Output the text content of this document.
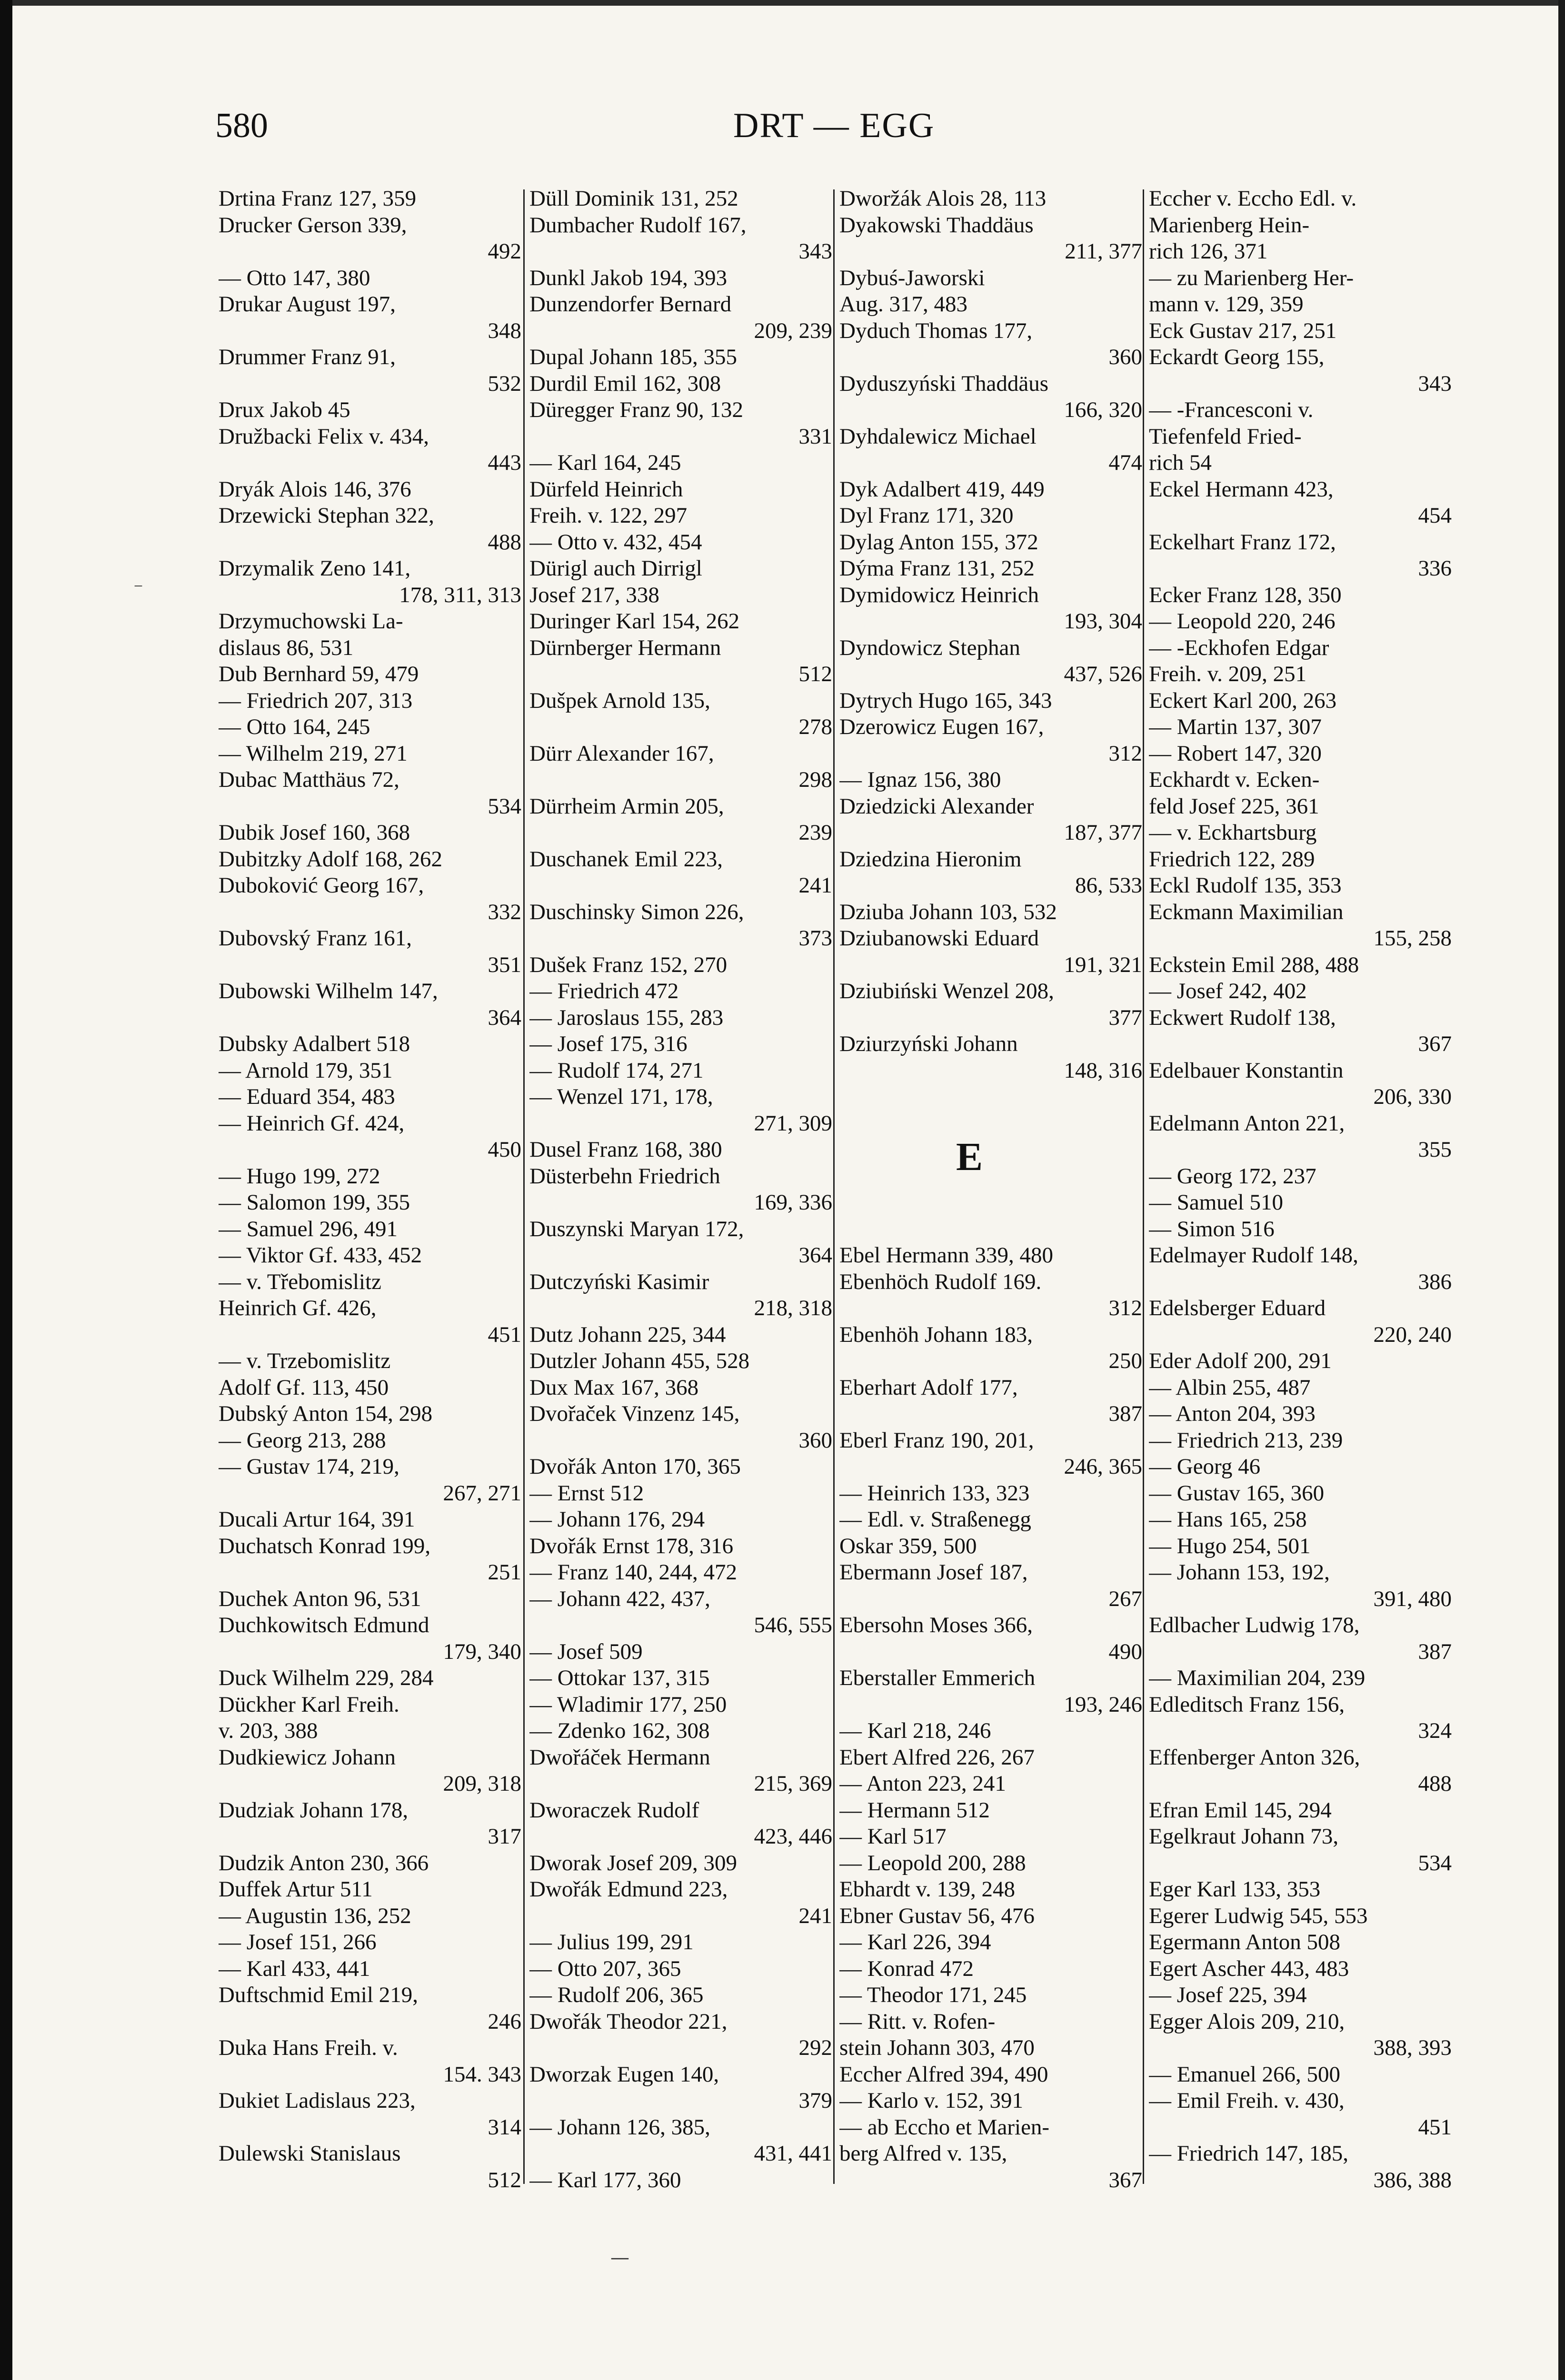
580	DRT — EGG
Drtina Franz 127, 359
Drucker Gerson 339,
492
— Otto 147, 380
Drukar August 197,
348
Drummer Franz 91,
532
Drux Jakob 45
Družbacki Felix v. 434,
443
Dryák Alois 146, 376
Drzewicki Stephan 322,
488
Drzymalik Zeno 141,
178, 311, 313
Drzymuchowski La-
dislaus 86, 531
Dub Bernhard 59, 479
— Friedrich 207, 313
— Otto 164, 245
— Wilhelm 219, 271
Dubac Matthäus 72,
534
Dubik Josef 160, 368
Dubitzky Adolf 168, 262
Duboković Georg 167,
332
Dubovský Franz 161,
351
Dubowski Wilhelm 147,
364
Dubsky Adalbert 518
— Arnold 179, 351
— Eduard 354, 483
— Heinrich Gf. 424,
450
— Hugo 199, 272
— Salomon 199, 355
— Samuel 296, 491
— Viktor Gf. 433, 452
— v. Třebomislitz
Heinrich Gf. 426,
451
— v. Trzebomislitz
Adolf Gf. 113, 450
Dubský Anton 154, 298
— Georg 213, 288
— Gustav 174, 219,
267, 271
Ducali Artur 164, 391
Duchatsch Konrad 199,
251
Duchek Anton 96, 531
Duchkowitsch Edmund
179, 340
Duck Wilhelm 229, 284
Dückher Karl Freih.
v. 203, 388
Dudkiewicz Johann
209, 318
Dudziak Johann 178,
317
Dudzik Anton 230, 366
Duffek Artur 511
— Augustin 136, 252
— Josef 151, 266
— Karl 433, 441
Duftschmid Emil 219,
246
Duka Hans Freih. v.
154. 343
Dukiet Ladislaus 223,
314
Dulewski Stanislaus
512
Düll Dominik 131, 252
Dumbacher Rudolf 167,
343
Dunkl Jakob 194, 393
Dunzendorfer Bernard
209, 239
Dupal Johann 185, 355
Durdil Emil 162, 308
Düregger Franz 90, 132
331
— Karl 164, 245
Dürfeld Heinrich
Freih. v. 122, 297
— Otto v. 432, 454
Dürigl auch Dirrigl
Josef 217, 338
Duringer Karl 154, 262
Dürnberger Hermann
512
Dušpek Arnold 135,
278
Dürr Alexander 167,
298
Dürrheim Armin 205,
239
Duschanek Emil 223,
241
Duschinsky Simon 226,
373
Dušek Franz 152, 270
— Friedrich 472
— Jaroslaus 155, 283
— Josef 175, 316
— Rudolf 174, 271
— Wenzel 171, 178,
271, 309
Dusel Franz 168, 380
Düsterbehn Friedrich
169, 336
Duszynski Maryan 172,
364
Dutczyński Kasimir
218, 318
Dutz Johann 225, 344
Dutzler Johann 455, 528
Dux Max 167, 368
Dvořaček Vinzenz 145,
360
Dvořák Anton 170, 365
— Ernst 512
— Johann 176, 294
Dvořák Ernst 178, 316
— Franz 140, 244, 472
— Johann 422, 437,
546, 555
— Josef 509
— Ottokar 137, 315
— Wladimir 177, 250
— Zdenko 162, 308
Dwořáček Hermann
215, 369
Dworaczek Rudolf
423, 446
Dworak Josef 209, 309
Dwořák Edmund 223,
241
— Julius 199, 291
— Otto 207, 365
— Rudolf 206, 365
Dwořák Theodor 221,
292
Dworzak Eugen 140,
379
— Johann 126, 385,
431, 441
— Karl 177, 360
Dworžák Alois 28, 113
Dyakowski Thaddäus
211, 377
Dybuś-Jaworski
Aug. 317, 483
Dyduch Thomas 177,
360
Dyduszyński Thaddäus
166, 320
Dyhdalewicz Michael
474
Dyk Adalbert 419, 449
Dyl Franz 171, 320
Dylag Anton 155, 372
Dýma Franz 131, 252
Dymidowicz Heinrich
193, 304
Dyndowicz Stephan
437, 526
Dytrych Hugo 165, 343
Dzerowicz Eugen 167,
312
— Ignaz 156, 380
Dziedzicki Alexander
187, 377
Dziedzina Hieronim
86, 533
Dziuba Johann 103, 532
Dziubanowski Eduard
191, 321
Dziubiński Wenzel 208,
377
Dziurzyński Johann
148, 316
Ebel Hermann 339, 480
Ebenhöch Rudolf 169.
312
Ebenhöh Johann 183,
250
Eberhart Adolf 177,
387
Eberl Franz 190, 201,
246, 365
— Heinrich 133, 323
— Edl. v. Straßenegg
Oskar 359, 500
Ebermann Josef 187,
267
Ebersohn Moses 366,
490
Eberstaller Emmerich
193, 246
— Karl 218, 246
Ebert Alfred 226, 267
— Anton 223, 241
— Hermann 512
— Karl 517
— Leopold 200, 288
Ebhardt v. 139, 248
Ebner Gustav 56, 476
— Karl 226, 394
— Konrad 472
— Theodor 171, 245
— Ritt. v. Rofen-
stein Johann 303, 470
Eccher Alfred 394, 490
— Karlo v. 152, 391
— ab Eccho et Marien-
berg Alfred v. 135,
367
Eccher v. Eccho Edl. v.
Marienberg Hein-
rich 126, 371
— zu Marienberg Her-
mann v. 129, 359
Eck Gustav 217, 251
Eckardt Georg 155,
343
— -Francesconi v.
Tiefenfeld Fried-
rich 54
Eckel Hermann 423,
454
Eckelhart Franz 172,
336
Ecker Franz 128, 350
— Leopold 220, 246
— -Eckhofen Edgar
Freih. v. 209, 251
Eckert Karl 200, 263
— Martin 137, 307
— Robert 147, 320
Eckhardt v. Ecken-
feld Josef 225, 361
— v. Eckhartsburg
Friedrich 122, 289
Eckl Rudolf 135, 353
Eckmann Maximilian
155, 258
Eckstein Emil 288, 488
— Josef 242, 402
Eckwert Rudolf 138,
367
Edelbauer Konstantin
206, 330
Edelmann Anton 221,
355
— Georg 172, 237
— Samuel 510
— Simon 516
Edelmayer Rudolf 148,
386
Edelsberger Eduard
220, 240
Eder Adolf 200, 291
— Albin 255, 487
— Anton 204, 393
— Friedrich 213, 239
— Georg 46
— Gustav 165, 360
— Hans 165, 258
— Hugo 254, 501
— Johann 153, 192,
391, 480
Edlbacher Ludwig 178,
387
— Maximilian 204, 239
Edleditsch Franz 156,
324
Effenberger Anton 326,
488
Efran Emil 145, 294
Egelkraut Johann 73,
534
Eger Karl 133, 353
Egerer Ludwig 545, 553
Egermann Anton 508
Egert Ascher 443, 483
— Josef 225, 394
Egger Alois 209, 210,
388, 393
— Emanuel 266, 500
— Emil Freih. v. 430,
451
— Friedrich 147, 185,
386, 388
E
⁻
—
